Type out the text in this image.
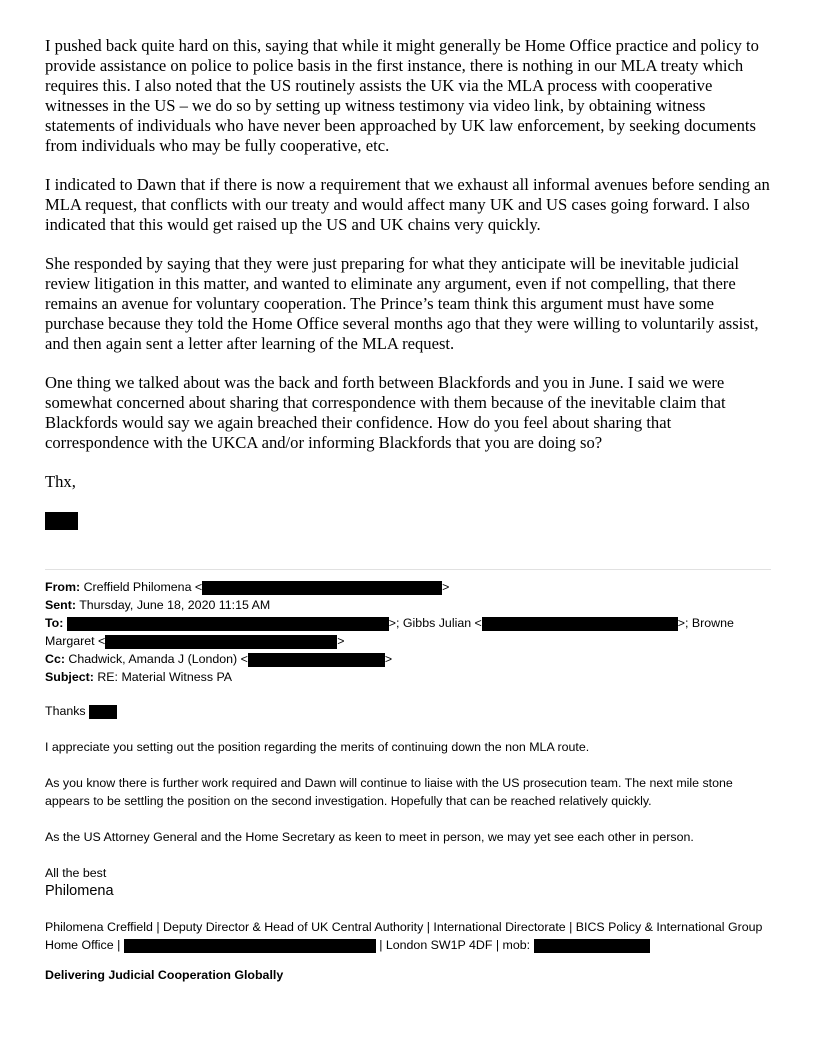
I pushed back quite hard on this, saying that while it might generally be Home Office practice and policy to provide assistance on police to police basis in the first instance, there is nothing in our MLA treaty which requires this. I also noted that the US routinely assists the UK via the MLA process with cooperative witnesses in the US – we do so by setting up witness testimony via video link, by obtaining witness statements of individuals who have never been approached by UK law enforcement, by seeking documents from individuals who may be fully cooperative, etc.

I indicated to Dawn that if there is now a requirement that we exhaust all informal avenues before sending an MLA request, that conflicts with our treaty and would affect many UK and US cases going forward. I also indicated that this would get raised up the US and UK chains very quickly.

She responded by saying that they were just preparing for what they anticipate will be inevitable judicial review litigation in this matter, and wanted to eliminate any argument, even if not compelling, that there remains an avenue for voluntary cooperation. The Prince’s team think this argument must have some purchase because they told the Home Office several months ago that they were willing to voluntarily assist, and then again sent a letter after learning of the MLA request.

One thing we talked about was the back and forth between Blackfords and you in June. I said we were somewhat concerned about sharing that correspondence with them because of the inevitable claim that Blackfords would say we again breached their confidence. How do you feel about sharing that correspondence with the UKCA and/or informing Blackfords that you are doing so?

Thx,

From: Creffield Philomena <	>
Sent: Thursday, June 18, 2020 11:15 AM
To:	>; Gibbs Julian <	>; Browne
Margaret <	>
Cc: Chadwick, Amanda J (London) <	>
Subject: RE: Material Witness PA

Thanks

I appreciate you setting out the position regarding the merits of continuing down the non MLA route.

As you know there is further work required and Dawn will continue to liaise with the US prosecution team. The next mile stone appears to be settling the position on the second investigation. Hopefully that can be reached relatively quickly.

As the US Attorney General and the Home Secretary as keen to meet in person, we may yet see each other in person.

All the best
Philomena
Philomena Creffield | Deputy Director & Head of UK Central Authority | International Directorate | BICS Policy & International Group
Home Office |	| London SW1P 4DF | mob:
Delivering Judicial Cooperation Globally
